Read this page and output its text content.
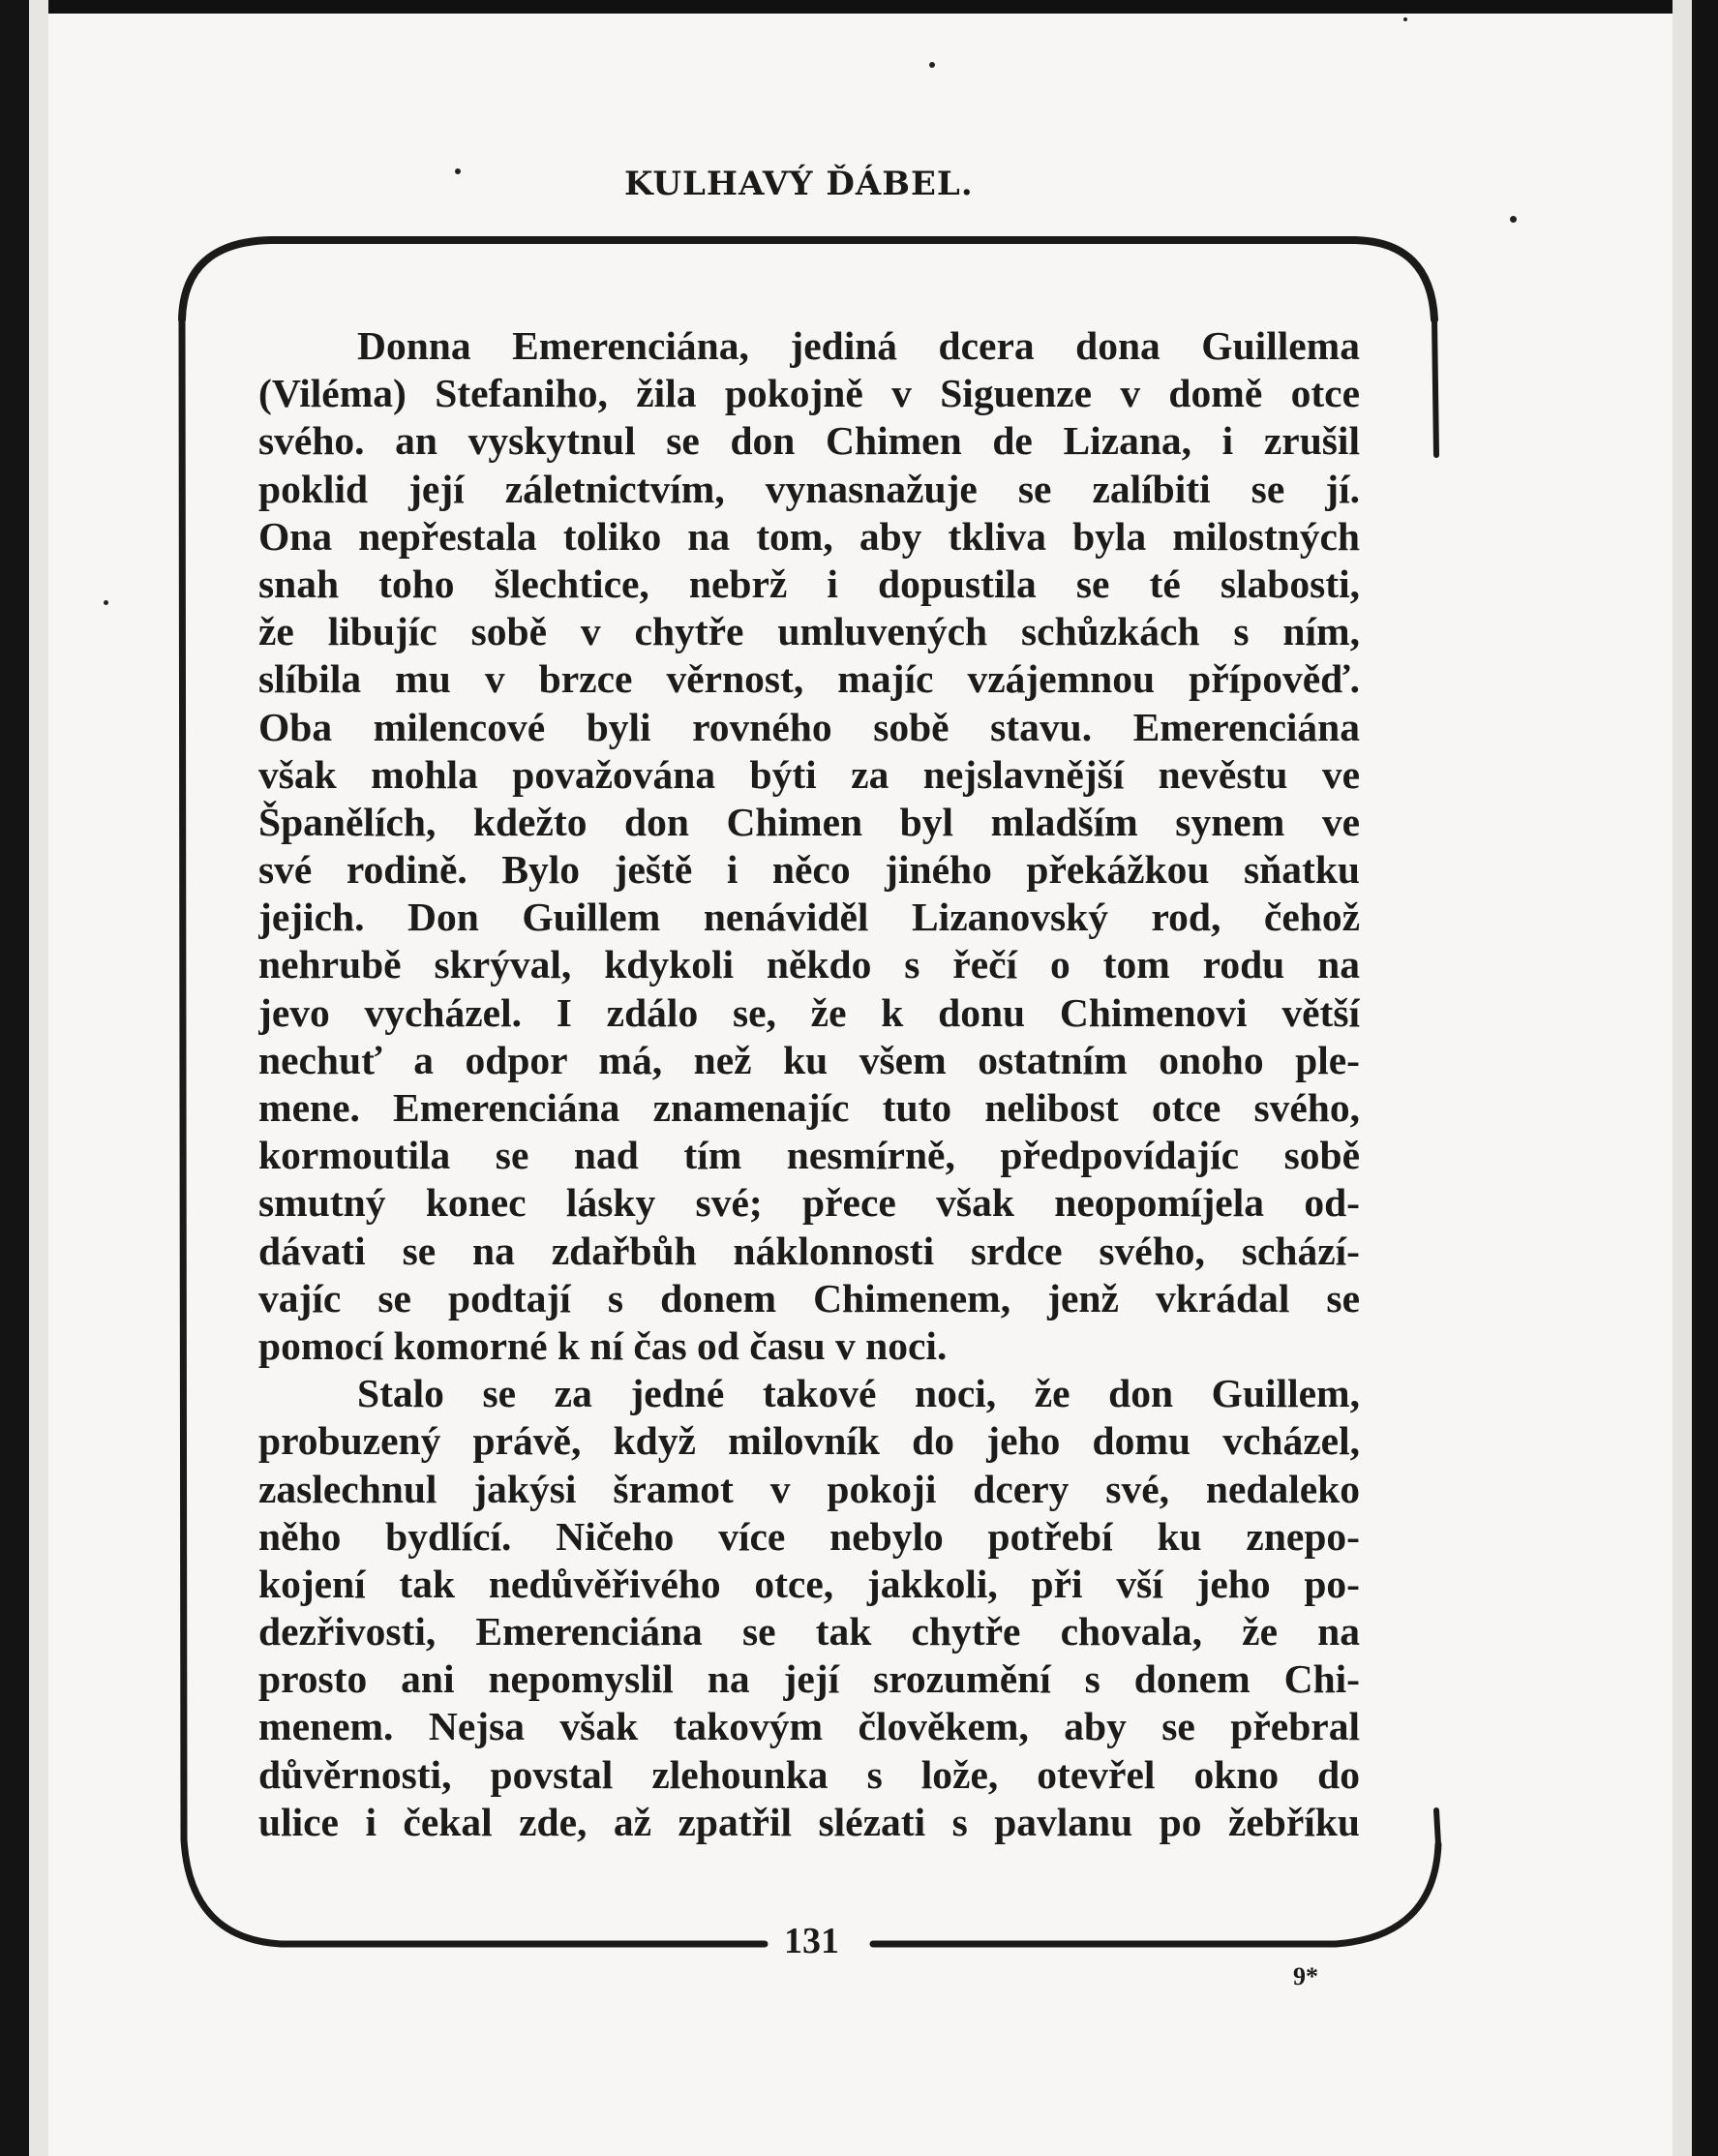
KULHAVÝ ĎÁBEL.
Donna Emerenciána, jediná dcera dona Guillema
(Viléma) Stefaniho, žila pokojně v Siguenze v domě otce
svého. an vyskytnul se don Chimen de Lizana, i zrušil
poklid její záletnictvím, vynasnažuje se zalíbiti se jí.
Ona nepřestala toliko na tom, aby tkliva byla milostných
snah toho šlechtice, nebrž i dopustila se té slabosti,
že libujíc sobě v chytře umluvených schůzkách s ním,
slíbila mu v brzce věrnost, majíc vzájemnou přípověď.
Oba milencové byli rovného sobě stavu. Emerenciána
však mohla považována býti za nejslavnější nevěstu ve
Španělích, kdežto don Chimen byl mladším synem ve
své rodině. Bylo ještě i něco jiného překážkou sňatku
jejich. Don Guillem nenáviděl Lizanovský rod, čehož
nehrubě skrýval, kdykoli někdo s řečí o tom rodu na
jevo vycházel. I zdálo se, že k donu Chimenovi větší
nechuť a odpor má, než ku všem ostatním onoho ple-
mene. Emerenciána znamenajíc tuto nelibost otce svého,
kormoutila se nad tím nesmírně, předpovídajíc sobě
smutný konec lásky své; přece však neopomíjela od-
dávati se na zdařbůh náklonnosti srdce svého, schází-
vajíc se podtají s donem Chimenem, jenž vkrádal se
pomocí komorné k ní čas od času v noci.
Stalo se za jedné takové noci, že don Guillem,
probuzený právě, když milovník do jeho domu vcházel,
zaslechnul jakýsi šramot v pokoji dcery své, nedaleko
něho bydlící. Ničeho více nebylo potřebí ku znepo-
kojení tak nedůvěřivého otce, jakkoli, při vší jeho po-
dezřivosti, Emerenciána se tak chytře chovala, že na
prosto ani nepomyslil na její srozumění s donem Chi-
menem. Nejsa však takovým člověkem, aby se přebral
důvěrnosti, povstal zlehounka s lože, otevřel okno do
ulice i čekal zde, až zpatřil slézati s pavlanu po žebříku
131
9*
